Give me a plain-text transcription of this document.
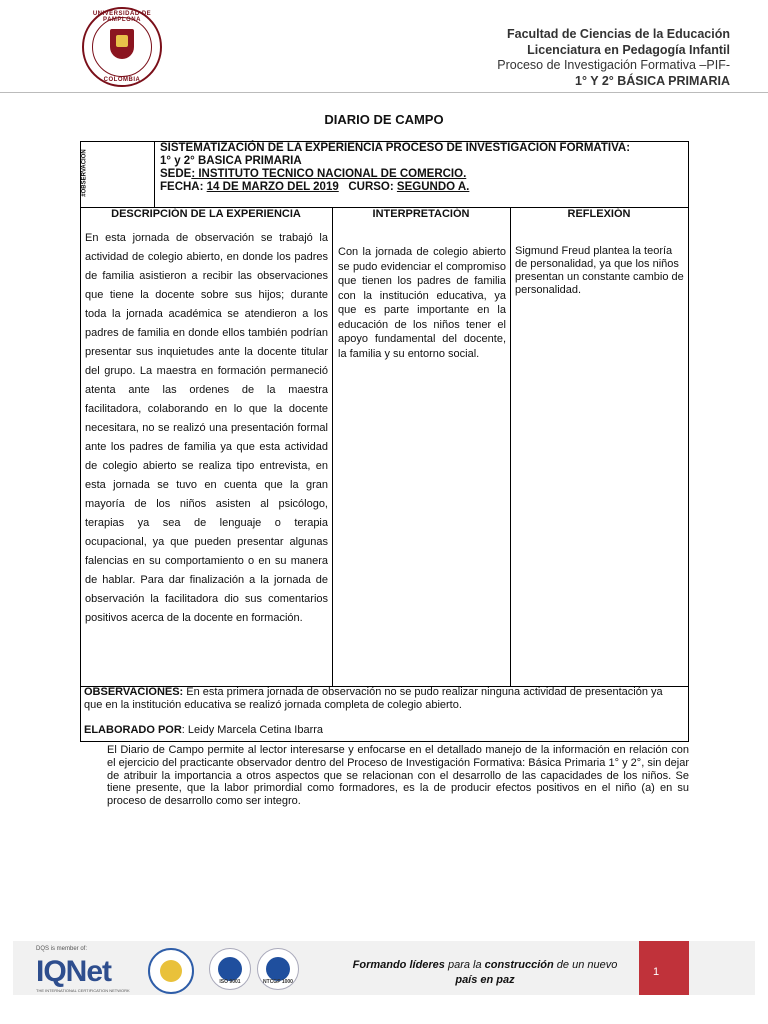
UNIVERSIDAD DE PAMPLONA
COLOMBIA
Facultad de Ciencias de la Educación
Licenciatura en Pedagogía Infantil
Proceso de Investigación Formativa –PIF-
1° Y 2° BÁSICA PRIMARIA
DIARIO DE CAMPO
#OBSERVACION
SISTEMATIZACIÓN DE LA EXPERIENCIA PROCESO DE INVESTIGACION FORMATIVA:
1° y 2° BASICA PRIMARIA
SEDE: INSTITUTO TECNICO NACIONAL DE COMERCIO.
FECHA: 14 DE MARZO DEL 2019 CURSO: SEGUNDO A.
DESCRIPCIÓN DE LA EXPERIENCIA	INTERPRETACIÓN	REFLEXIÓN
En esta jornada de observación se trabajó la actividad de colegio abierto, en donde los padres de familia asistieron a recibir las observaciones que tiene la docente sobre sus hijos; durante toda la jornada académica se atendieron a los padres de familia en donde ellos también podrían presentar sus inquietudes ante la docente titular del grupo. La maestra en formación permaneció atenta ante las ordenes de la maestra facilitadora, colaborando en lo que la docente necesitara, no se realizó una presentación formal ante los padres de familia ya que esta actividad de colegio abierto se realiza tipo entrevista, en esta jornada se tuvo en cuenta que la gran mayoría de los niños asisten al psicólogo, terapias ya sea de lenguaje o terapia ocupacional, ya que pueden presentar algunas falencias en su comportamiento o en su manera de hablar. Para dar finalización a la jornada de observación la facilitadora dio sus comentarios positivos acerca de la docente en formación.
Con la jornada de colegio abierto se pudo evidenciar el compromiso que tienen los padres de familia con la institución educativa, ya que es parte importante en la educación de los niños tener el apoyo fundamental del docente, la familia y su entorno social.
Sigmund Freud plantea la teoría de personalidad, ya que los niños presentan un constante cambio de personalidad.
OBSERVACIONES: En esta primera jornada de observación no se pudo realizar ninguna actividad de presentación ya que en la institución educativa se realizó jornada completa de colegio abierto.
ELABORADO POR: Leidy Marcela Cetina Ibarra
El Diario de Campo permite al lector interesarse y enfocarse en el detallado manejo de la información en relación con el ejercicio del practicante observador dentro del Proceso de Investigación Formativa: Básica Primaria 1° y 2°, sin dejar de atribuir la importancia a otros aspectos que se relacionan con el desarrollo de las capacidades de los niños. Se tiene presente, que la labor primordial como formadores, es la de producir efectos positivos en el niño (a) en su proceso de desarrollo como ser integro.
DQS is member of:
IQNet
THE INTERNATIONAL CERTIFICATION NETWORK
ISO 9001	NTCGP 1000
Formando líderes para la construcción de un nuevo
país en paz
1
